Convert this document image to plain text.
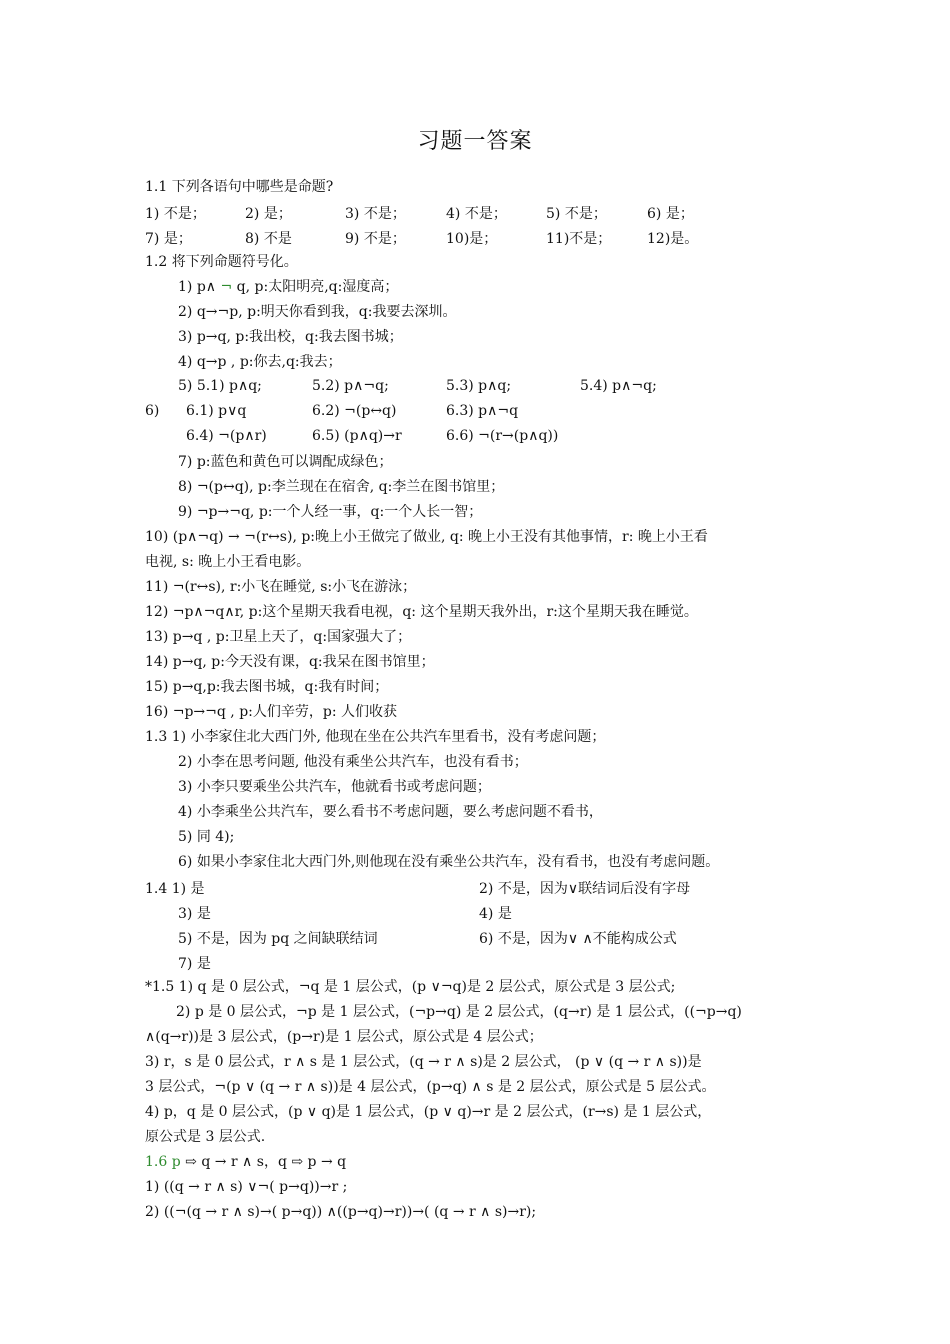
习题一答案
1.1 下列各语句中哪些是命题?
1) 不是；	2) 是；	3) 不是；	4) 不是；	5) 不是；	6) 是；
7) 是；	8) 不是	9) 不是；	10)是；	11)不是；	12)是。
1.2 将下列命题符号化。
1) p∧ ¬ q, p:太阳明亮,q:湿度高；
2) q→¬p, p:明天你看到我，q:我要去深圳。
3) p→q, p:我出校，q:我去图书城；
4) q→p , p:你去,q:我去；
5) 5.1) p∧q;	5.2) p∧¬q;	5.3) p∧q;	5.4) p∧¬q;
6) 6.1) p∨q	6.2) ¬(p↔q)	6.3) p∧¬q
6.4) ¬(p∧r)	6.5) (p∧q)→r	6.6) ¬(r→(p∧q))
7) p:蓝色和黄色可以调配成绿色；
8) ¬(p↔q), p:李兰现在在宿舍, q:李兰在图书馆里；
9) ¬p→¬q, p:一个人经一事，q:一个人长一智；
10) (p∧¬q) → ¬(r↔s), p:晚上小王做完了做业, q: 晚上小王没有其他事情，r: 晚上小王看
电视, s: 晚上小王看电影。
11) ¬(r↔s), r:小飞在睡觉, s:小飞在游泳；
12) ¬p∧¬q∧r, p:这个星期天我看电视，q: 这个星期天我外出，r:这个星期天我在睡觉。
13) p→q , p:卫星上天了，q:国家强大了；
14) p→q, p:今天没有课，q:我呆在图书馆里；
15) p→q,p:我去图书城，q:我有时间；
16) ¬p→¬q , p:人们辛劳，p: 人们收获
1.3 1) 小李家住北大西门外, 他现在坐在公共汽车里看书，没有考虑问题；
2) 小李在思考问题, 他没有乘坐公共汽车，也没有看书；
3) 小李只要乘坐公共汽车，他就看书或考虑问题；
4) 小李乘坐公共汽车，要么看书不考虑问题，要么考虑问题不看书，
5) 同 4);
6) 如果小李家住北大西门外,则他现在没有乘坐公共汽车，没有看书，也没有考虑问题。
1.4 1) 是	2) 不是，因为∨联结词后没有字母
3) 是	4) 是
5) 不是，因为 pq 之间缺联结词	6) 不是，因为∨ ∧不能构成公式
7) 是
*1.5 1) q 是 0 层公式，¬q 是 1 层公式，(p ∨¬q)是 2 层公式，原公式是 3 层公式;
2) p 是 0 层公式，¬p 是 1 层公式，(¬p→q) 是 2 层公式，(q→r) 是 1 层公式，((¬p→q)
∧(q→r))是 3 层公式，(p→r)是 1 层公式，原公式是 4 层公式；
3) r，s 是 0 层公式，r ∧ s 是 1 层公式，(q → r ∧ s)是 2 层公式， (p ∨ (q → r ∧ s))是
3 层公式，¬(p ∨ (q → r ∧ s))是 4 层公式，(p→q) ∧ s 是 2 层公式，原公式是 5 层公式。
4) p，q 是 0 层公式，(p ∨ q)是 1 层公式，(p ∨ q)→r 是 2 层公式，(r→s) 是 1 层公式，
原公式是 3 层公式.
1.6 p ⇨ q → r ∧ s，q ⇨ p → q
1) ((q → r ∧ s) ∨¬( p→q))→r ;
2) ((¬(q → r ∧ s)→( p→q)) ∧((p→q)→r))→( (q → r ∧ s)→r);
